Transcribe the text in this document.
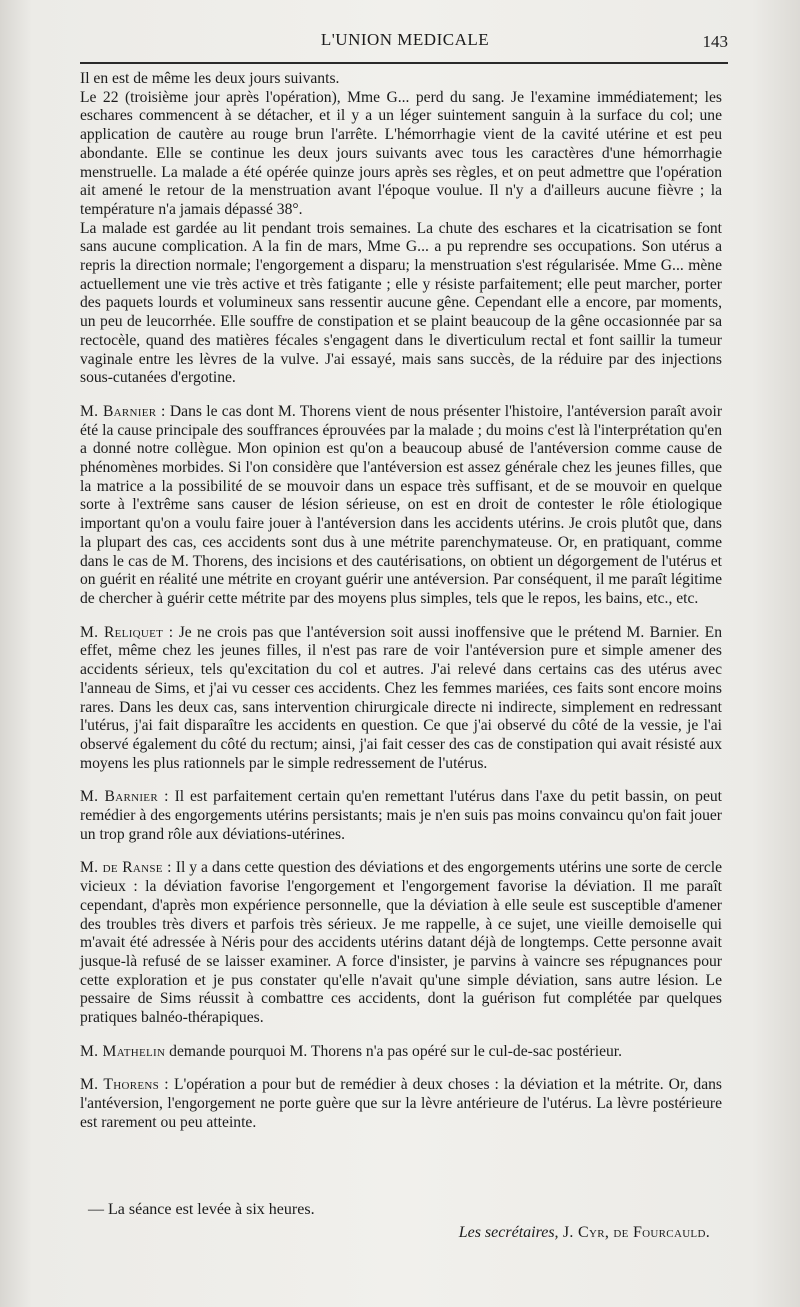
L'UNION MEDICALE	143

Il en est de même les deux jours suivants.

Le 22 (troisième jour après l'opération), Mme G... perd du sang. Je l'examine immédiatement; les eschares commencent à se détacher, et il y a un léger suintement sanguin à la surface du col; une application de cautère au rouge brun l'arrête. L'hémorrhagie vient de la cavité utérine et est peu abondante. Elle se continue les deux jours suivants avec tous les caractères d'une hémorrhagie menstruelle. La malade a été opérée quinze jours après ses règles, et on peut admettre que l'opération ait amené le retour de la menstruation avant l'époque voulue. Il n'y a d'ailleurs aucune fièvre ; la température n'a jamais dépassé 38°.

La malade est gardée au lit pendant trois semaines. La chute des eschares et la cicatrisation se font sans aucune complication. A la fin de mars, Mme G... a pu reprendre ses occupations. Son utérus a repris la direction normale; l'engorgement a disparu; la menstruation s'est régularisée. Mme G... mène actuellement une vie très active et très fatigante ; elle y résiste parfaitement; elle peut marcher, porter des paquets lourds et volumineux sans ressentir aucune gêne. Cependant elle a encore, par moments, un peu de leucorrhée. Elle souffre de constipation et se plaint beaucoup de la gêne occasionnée par sa rectocèle, quand des matières fécales s'engagent dans le diverticulum rectal et font saillir la tumeur vaginale entre les lèvres de la vulve. J'ai essayé, mais sans succès, de la réduire par des injections sous-cutanées d'ergotine.

M. Barnier : Dans le cas dont M. Thorens vient de nous présenter l'histoire, l'antéversion paraît avoir été la cause principale des souffrances éprouvées par la malade ; du moins c'est là l'interprétation qu'en a donné notre collègue. Mon opinion est qu'on a beaucoup abusé de l'antéversion comme cause de phénomènes morbides. Si l'on considère que l'antéversion est assez générale chez les jeunes filles, que la matrice a la possibilité de se mouvoir dans un espace très suffisant, et de se mouvoir en quelque sorte à l'extrême sans causer de lésion sérieuse, on est en droit de contester le rôle étiologique important qu'on a voulu faire jouer à l'antéversion dans les accidents utérins. Je crois plutôt que, dans la plupart des cas, ces accidents sont dus à une métrite parenchymateuse. Or, en pratiquant, comme dans le cas de M. Thorens, des incisions et des cautérisations, on obtient un dégorgement de l'utérus et on guérit en réalité une métrite en croyant guérir une antéversion. Par conséquent, il me paraît légitime de chercher à guérir cette métrite par des moyens plus simples, tels que le repos, les bains, etc., etc.

M. Reliquet : Je ne crois pas que l'antéversion soit aussi inoffensive que le prétend M. Barnier. En effet, même chez les jeunes filles, il n'est pas rare de voir l'antéversion pure et simple amener des accidents sérieux, tels qu'excitation du col et autres. J'ai relevé dans certains cas des utérus avec l'anneau de Sims, et j'ai vu cesser ces accidents. Chez les femmes mariées, ces faits sont encore moins rares. Dans les deux cas, sans intervention chirurgicale directe ni indirecte, simplement en redressant l'utérus, j'ai fait disparaître les accidents en question. Ce que j'ai observé du côté de la vessie, je l'ai observé également du côté du rectum; ainsi, j'ai fait cesser des cas de constipation qui avait résisté aux moyens les plus rationnels par le simple redressement de l'utérus.

M. Barnier : Il est parfaitement certain qu'en remettant l'utérus dans l'axe du petit bassin, on peut remédier à des engorgements utérins persistants; mais je n'en suis pas moins convaincu qu'on fait jouer un trop grand rôle aux déviations-utérines.

M. de Ranse : Il y a dans cette question des déviations et des engorgements utérins une sorte de cercle vicieux : la déviation favorise l'engorgement et l'engorgement favorise la déviation. Il me paraît cependant, d'après mon expérience personnelle, que la déviation à elle seule est susceptible d'amener des troubles très divers et parfois très sérieux. Je me rappelle, à ce sujet, une vieille demoiselle qui m'avait été adressée à Néris pour des accidents utérins datant déjà de longtemps. Cette personne avait jusque-là refusé de se laisser examiner. A force d'insister, je parvins à vaincre ses répugnances pour cette exploration et je pus constater qu'elle n'avait qu'une simple déviation, sans autre lésion. Le pessaire de Sims réussit à combattre ces accidents, dont la guérison fut complétée par quelques pratiques balnéo-thérapiques.

M. Mathelin demande pourquoi M. Thorens n'a pas opéré sur le cul-de-sac postérieur.

M. Thorens : L'opération a pour but de remédier à deux choses : la déviation et la métrite. Or, dans l'antéversion, l'engorgement ne porte guère que sur la lèvre antérieure de l'utérus. La lèvre postérieure est rarement ou peu atteinte.

— La séance est levée à six heures.
Les secrétaires, J. Cyr, de Fourcauld.
